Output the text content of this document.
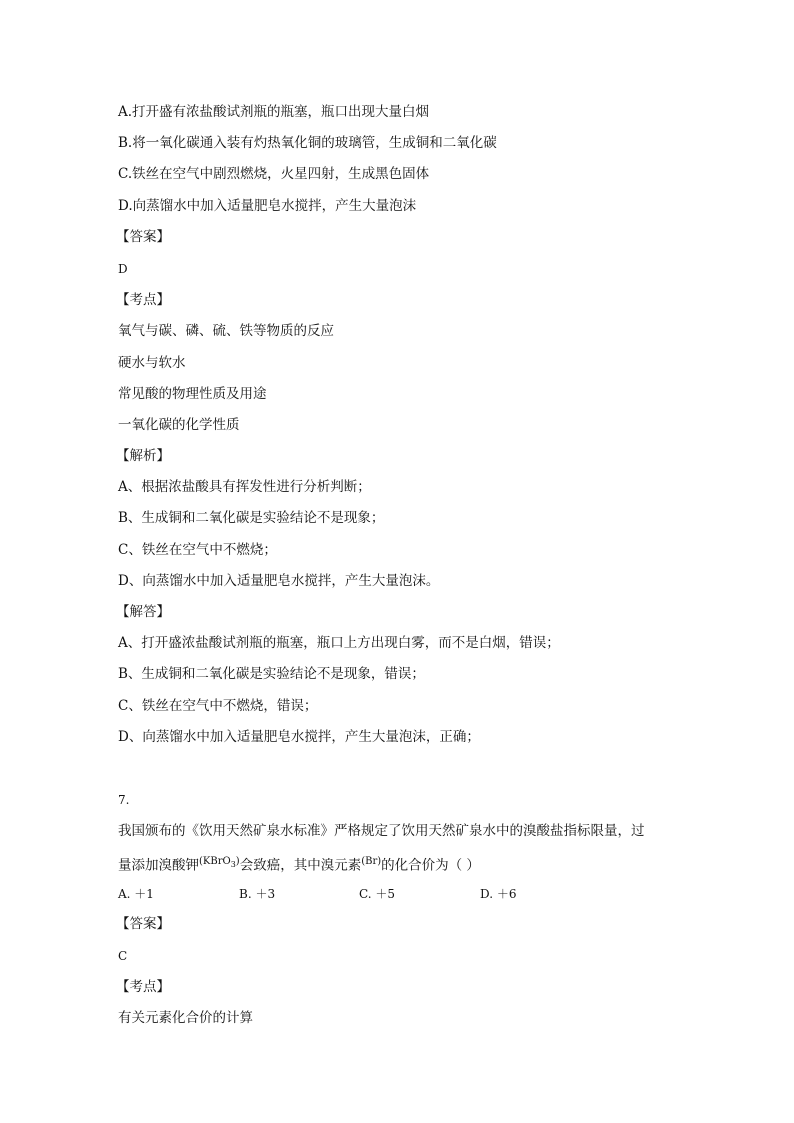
A.打开盛有浓盐酸试剂瓶的瓶塞，瓶口出现大量白烟
B.将一氧化碳通入装有灼热氧化铜的玻璃管，生成铜和二氧化碳
C.铁丝在空气中剧烈燃烧，火星四射，生成黑色固体
D.向蒸馏水中加入适量肥皂水搅拌，产生大量泡沫
【答案】
D
【考点】
氧气与碳、磷、硫、铁等物质的反应
硬水与软水
常见酸的物理性质及用途
一氧化碳的化学性质
【解析】
A、根据浓盐酸具有挥发性进行分析判断；
B、生成铜和二氧化碳是实验结论不是现象；
C、铁丝在空气中不燃烧；
D、向蒸馏水中加入适量肥皂水搅拌，产生大量泡沫。
【解答】
A、打开盛浓盐酸试剂瓶的瓶塞，瓶口上方出现白雾，而不是白烟，错误；
B、生成铜和二氧化碳是实验结论不是现象，错误；
C、铁丝在空气中不燃烧，错误；
D、向蒸馏水中加入适量肥皂水搅拌，产生大量泡沫，正确；
7.
我国颁布的《饮用天然矿泉水标准》严格规定了饮用天然矿泉水中的溴酸盐指标限量，过
量添加溴酸钾$^{(KBrO_3)}$会致癌，其中溴元素$^{(Br)}$的化合价为（ ）
A. ＋1	B. ＋3	C. ＋5	D. ＋6
【答案】
C
【考点】
有关元素化合价的计算
